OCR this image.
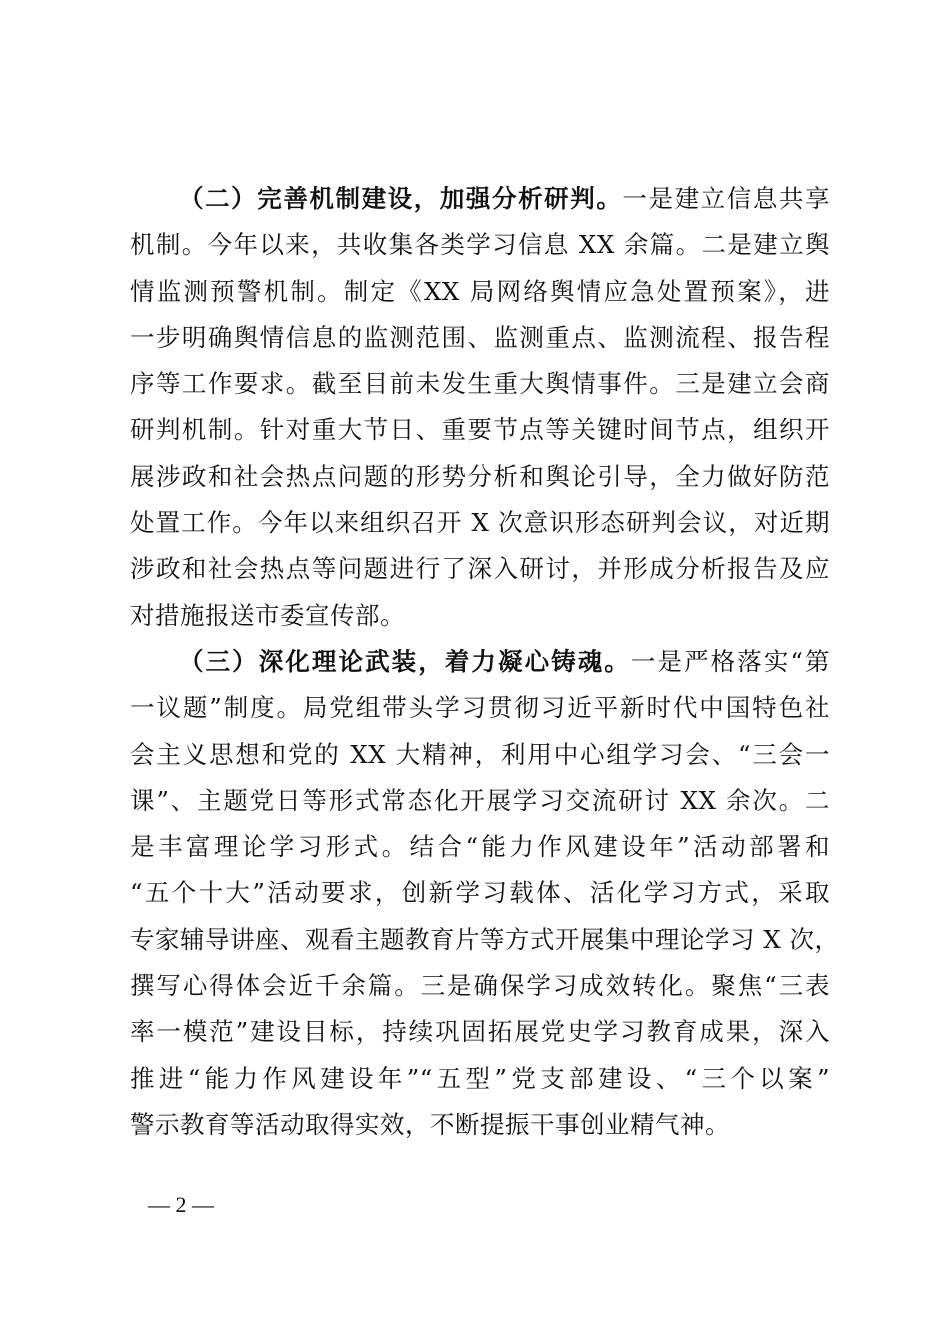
（二）完善机制建设，加强分析研判。一是建立信息共享
机制。今年以来，共收集各类学习信息 XX 余篇。二是建立舆
情监测预警机制。制定《XX 局网络舆情应急处置预案》，进
一步明确舆情信息的监测范围、监测重点、监测流程、报告程
序等工作要求。截至目前未发生重大舆情事件。三是建立会商
研判机制。针对重大节日、重要节点等关键时间节点，组织开
展涉政和社会热点问题的形势分析和舆论引导，全力做好防范
处置工作。今年以来组织召开 X 次意识形态研判会议，对近期
涉政和社会热点等问题进行了深入研讨，并形成分析报告及应
对措施报送市委宣传部。
（三）深化理论武装，着力凝心铸魂。一是严格落实“第
一议题”制度。局党组带头学习贯彻习近平新时代中国特色社
会主义思想和党的 XX 大精神，利用中心组学习会、“三会一
课”、主题党日等形式常态化开展学习交流研讨 XX 余次。二
是丰富理论学习形式。结合“能力作风建设年”活动部署和
“五个十大”活动要求，创新学习载体、活化学习方式，采取
专家辅导讲座、观看主题教育片等方式开展集中理论学习 X 次，
撰写心得体会近千余篇。三是确保学习成效转化。聚焦“三表
率一模范”建设目标，持续巩固拓展党史学习教育成果，深入
推进“能力作风建设年”“五型”党支部建设、“三个以案”
警示教育等活动取得实效，不断提振干事创业精气神。
— 2 —
